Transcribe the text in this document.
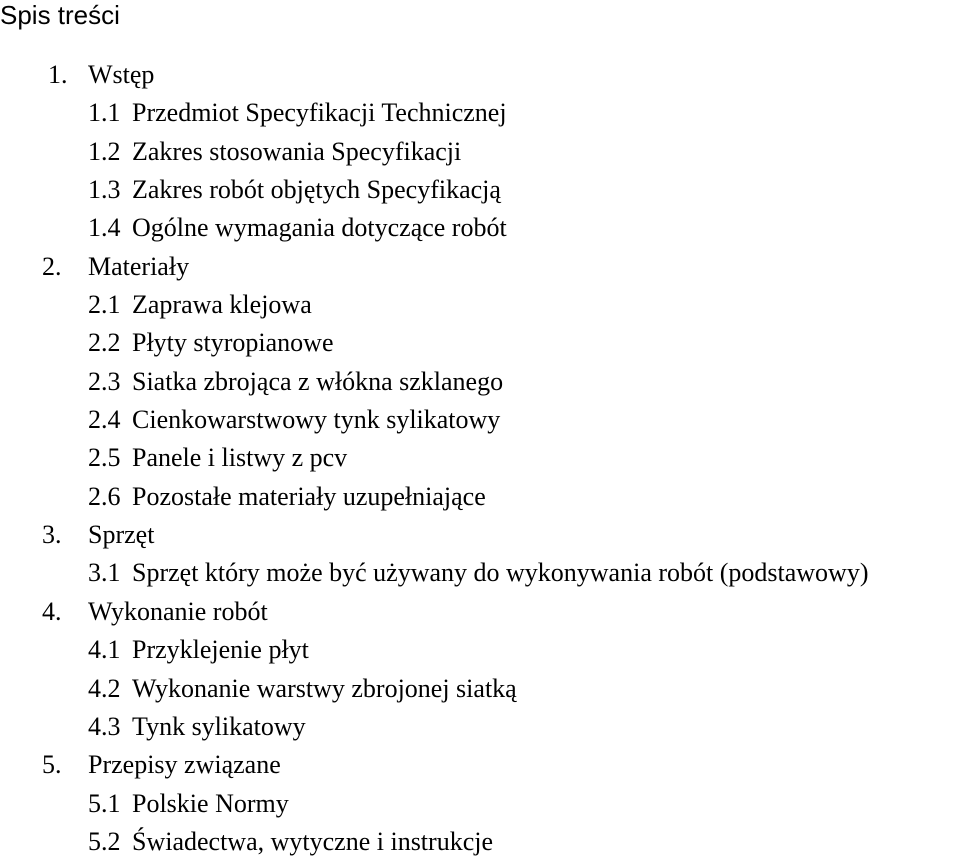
Spis treści
1. Wstęp
1.1 Przedmiot Specyfikacji Technicznej
1.2 Zakres stosowania Specyfikacji
1.3 Zakres robót objętych Specyfikacją
1.4 Ogólne wymagania dotyczące robót
2. Materiały
2.1 Zaprawa klejowa
2.2 Płyty styropianowe
2.3 Siatka zbrojąca z włókna szklanego
2.4 Cienkowarstwowy tynk sylikatowy
2.5 Panele i listwy z pcv
2.6 Pozostałe materiały uzupełniające
3. Sprzęt
3.1 Sprzęt który może być używany do wykonywania robót (podstawowy)
4. Wykonanie robót
4.1 Przyklejenie płyt
4.2 Wykonanie warstwy zbrojonej siatką
4.3 Tynk sylikatowy
5. Przepisy związane
5.1 Polskie Normy
5.2 Świadectwa, wytyczne i instrukcje
